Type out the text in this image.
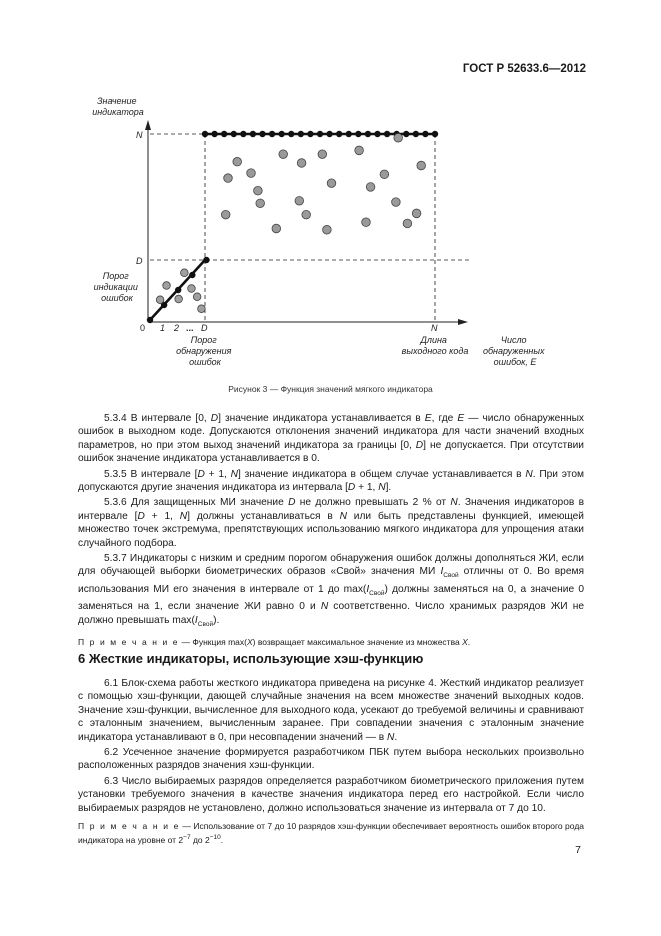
ГОСТ Р 52633.6—2012
N
D
0 1 2 ... D	N
Значение индикатора
Число обнаруженных ошибок, E
Порог индикации ошибок
Порог обнаружения ошибок
Длина выходного кода
Рисунок 3 — Функция значений мягкого индикатора

5.3.4 В интервале [0, D] значение индикатора устанавливается в E, где E — число обнаруженных ошибок в выходном коде. Допускаются отклонения значений индикатора для части значений входных параметров, но при этом выход значений индикатора за границы [0, D] не допускается. При отсутствии ошибок значение индикатора устанавливается в 0.

5.3.5 В интервале [D + 1, N] значение индикатора в общем случае устанавливается в N. При этом допускаются другие значения индикатора из интервала [D + 1, N].

5.3.6 Для защищенных МИ значение D не должно превышать 2 % от N. Значения индикаторов в интервале [D + 1, N] должны устанавливаться в N или быть представлены функцией, имеющей множество точек экстремума, препятствующих использованию мягкого индикатора для упрощения атаки случайного подбора.

5.3.7 Индикаторы с низким и средним порогом обнаружения ошибок должны дополняться ЖИ, если для обучающей выборки биометрических образов «Свой» значения МИ $I_{Свой}$ отличны от 0. Во время использования МИ его значения в интервале от 1 до $\max(I_{Свой})$ должны заменяться на 0, а значение 0 заменяться на 1, если значение ЖИ равно 0 и N соответственно. Число хранимых разрядов ЖИ не должно превышать $\max(I_{Свой})$.

П р и м е ч а н и е — Функция max(X) возвращает максимальное значение из множества X.

6 Жесткие индикаторы, использующие хэш-функцию

6.1 Блок-схема работы жесткого индикатора приведена на рисунке 4. Жесткий индикатор реализует с помощью хэш-функции, дающей случайные значения на всем множестве значений выходных кодов. Значение хэш-функции, вычисленное для выходного кода, усекают до требуемой величины и сравнивают с эталонным значением, вычисленным заранее. При совпадении значения с эталонным значение индикатора устанавливают в 0, при несовпадении значений — в N.

6.2 Усеченное значение формируется разработчиком ПБК путем выбора нескольких произвольно расположенных разрядов значения хэш-функции.

6.3 Число выбираемых разрядов определяется разработчиком биометрического приложения путем установки требуемого значения в качестве значения индикатора перед его настройкой. Если число выбираемых разрядов не установлено, должно использоваться значение из интервала от 7 до 10.

П р и м е ч а н и е — Использование от 7 до 10 разрядов хэш-функции обеспечивает вероятность ошибок второго рода индикатора на уровне от $2^{-7}$ до $2^{-10}$.

7
